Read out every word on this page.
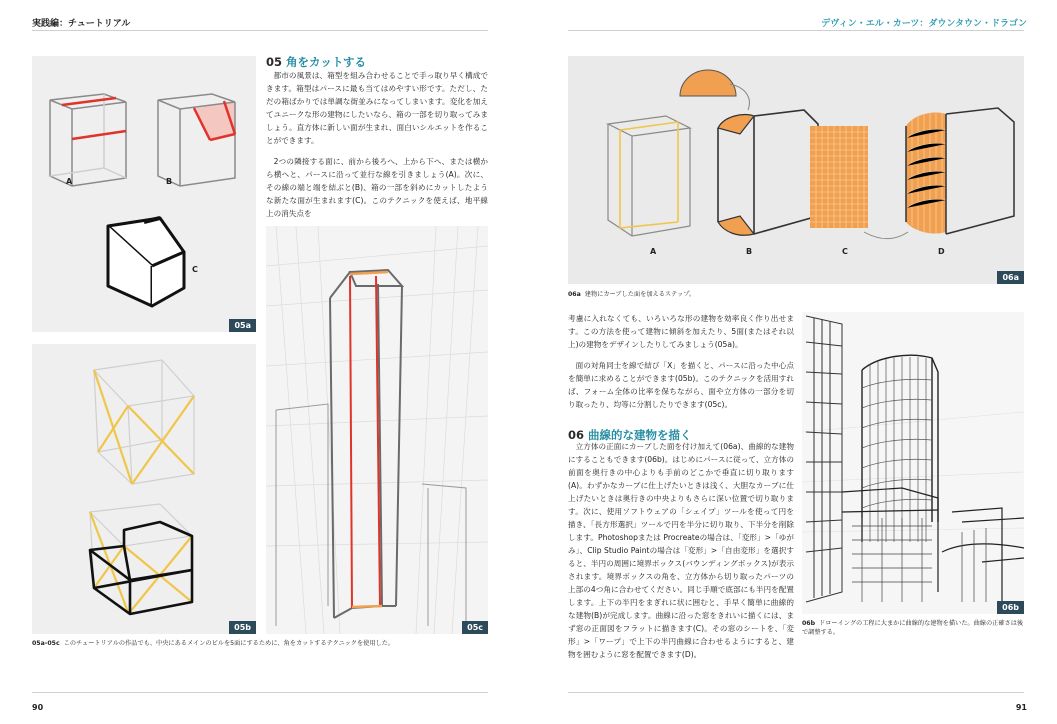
実践編：チュートリアル	デヴィン・エル・カーツ：ダウンタウン・ドラゴン
A	B
C
05a
05b
05 角をカットする

都市の風景は、箱型を組み合わせることで手っ取り早く構成できます。箱型はパースに最も当てはめやすい形です。ただし、ただの箱ばかりでは単調な街並みになってしまいます。変化を加えてユニークな形の建物にしたいなら、箱の一部を切り取ってみましょう。直方体に新しい面が生まれ、面白いシルエットを作ることができます。

2つの隣接する面に、前から後ろへ、上から下へ、または横から横へと、パースに沿って並行な線を引きましょう(A)。次に、その線の端と端を結ぶと(B)、箱の一部を斜めにカットしたような新たな面が生まれます(C)。このテクニックを使えば、地平線上の消失点を

05c
05a-05c このチュートリアルの作品でも、中央にあるメインのビルを5面にするために、角をカットするテクニックを使用した。
90
A	B	C	D
06a
06a 建物にカーブした面を加えるステップ。

考慮に入れなくても、いろいろな形の建物を効率良く作り出せます。この方法を使って建物に傾斜を加えたり、5面(またはそれ以上)の建物をデザインしたりしてみましょう(05a)。

面の対角同士を線で結び「X」を描くと、パースに沿った中心点を簡単に求めることができます(05b)。このテクニックを活用すれば、フォーム全体の比率を保ちながら、面や立方体の一部分を切り取ったり、均等に分割したりできます(05c)。

06 曲線的な建物を描く

立方体の正面にカーブした面を付け加えて(06a)、曲線的な建物にすることもできます(06b)。はじめにパースに従って、立方体の前面を奥行きの中心よりも手前のどこかで垂直に切り取ります(A)。わずかなカーブに仕上げたいときは浅く、大胆なカーブに仕上げたいときは奥行きの中央よりもさらに深い位置で切り取ります。次に、使用ソフトウェアの「シェイプ」ツールを使って円を描き、「長方形選択」ツールで円を半分に切り取り、下半分を削除します。Photoshopまたは Procreateの場合は、「変形」>「ゆがみ」、Clip Studio Paintの場合は「変形」>「自由変形」を選択すると、半円の周囲に境界ボックス(バウンディングボックス)が表示されます。境界ボックスの角を、立方体から切り取ったパーツの上部の4つ角に合わせてください。同じ手順で底部にも半円を配置します。上下の半円をまぎれに状に囲むと、手早く簡単に曲線的な建物(B)が完成します。曲線に沿った窓をきれいに描くには、まず窓の正面図をフラットに描きます(C)。その窓のシートを、「変形」>「ワープ」で上下の半円曲線に合わせるようにすると、建物を囲むように窓を配置できます(D)。

06b
06b ドローイングの工程に大まかに曲線的な建物を描いた。曲線の正確さは後で調整する。
91
